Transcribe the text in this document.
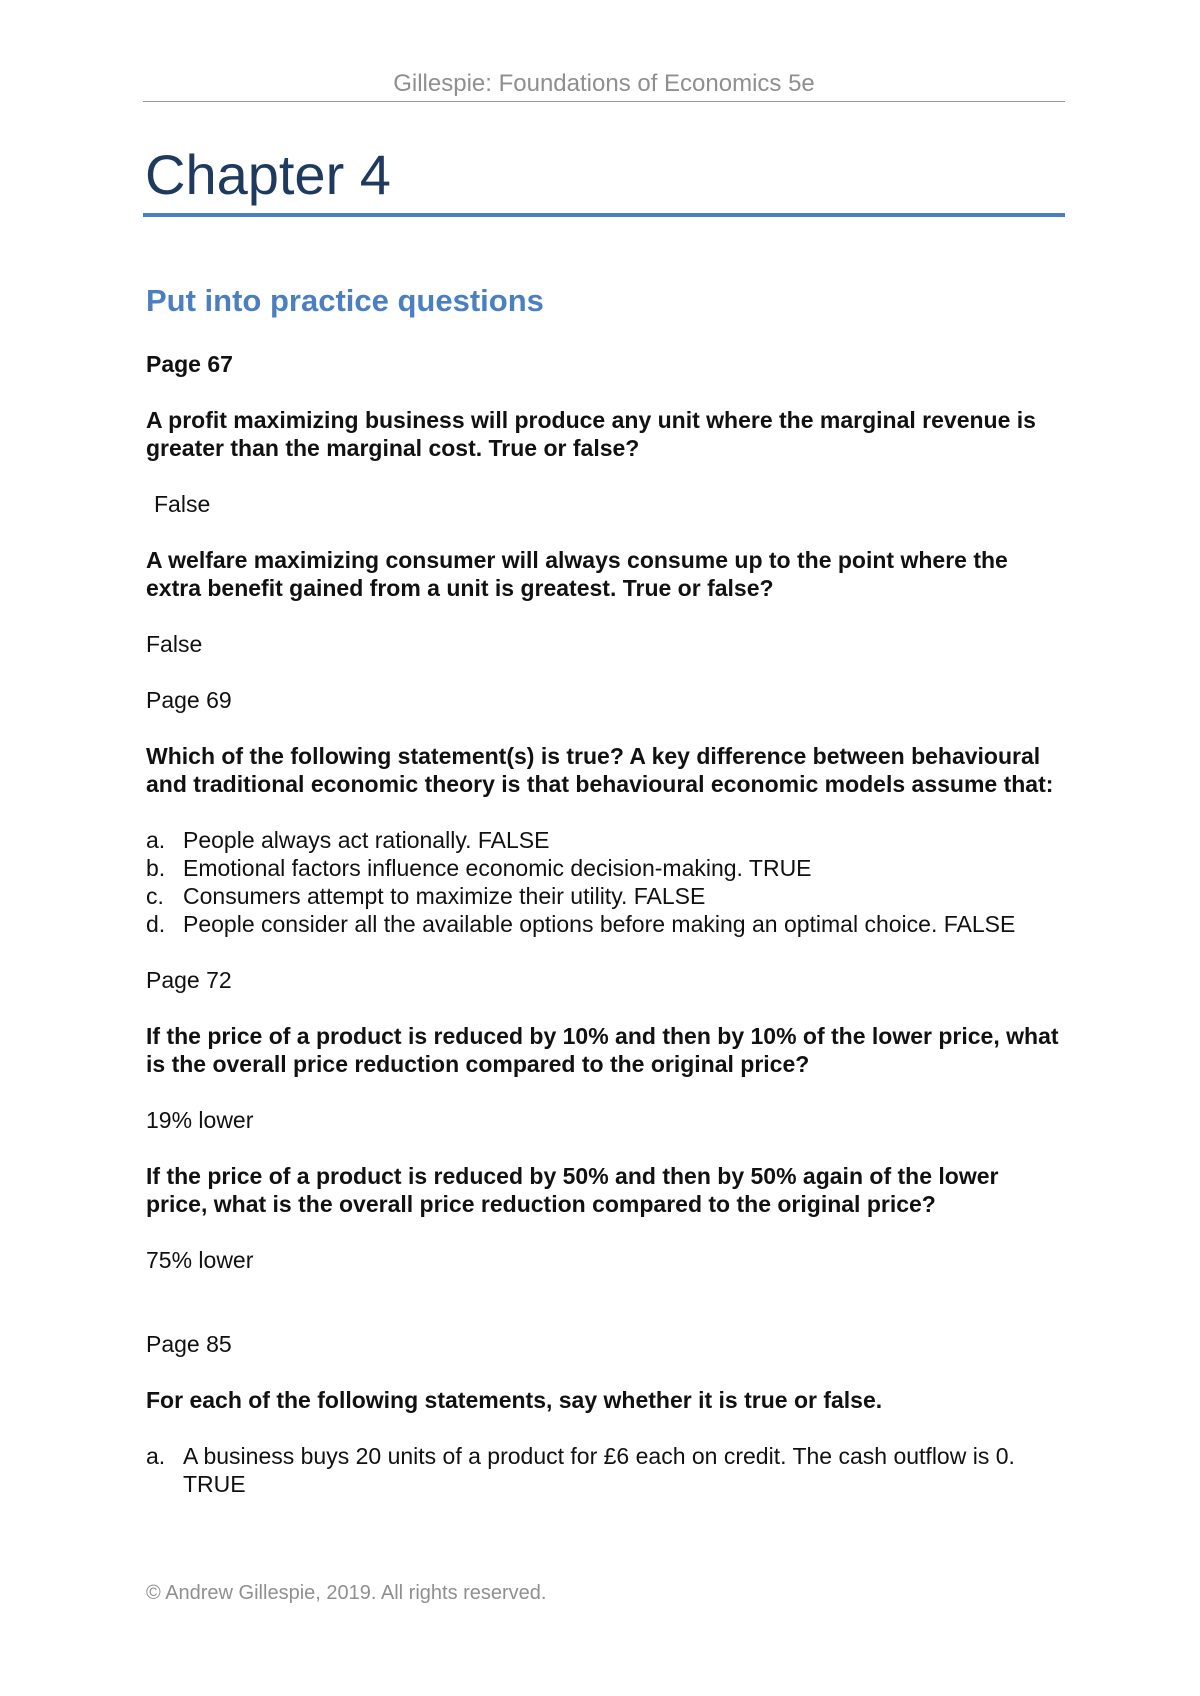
Gillespie: Foundations of Economics 5e
Chapter 4
Put into practice questions

Page 67

A profit maximizing business will produce any unit where the marginal revenue is greater than the marginal cost. True or false?

False

A welfare maximizing consumer will always consume up to the point where the extra benefit gained from a unit is greatest. True or false?

False

Page 69

Which of the following statement(s) is true? A key difference between behavioural and traditional economic theory is that behavioural economic models assume that:

a. People always act rationally. FALSE
b. Emotional factors influence economic decision-making. TRUE
c. Consumers attempt to maximize their utility. FALSE
d. People consider all the available options before making an optimal choice. FALSE

Page 72

If the price of a product is reduced by 10% and then by 10% of the lower price, what is the overall price reduction compared to the original price?

19% lower

If the price of a product is reduced by 50% and then by 50% again of the lower price, what is the overall price reduction compared to the original price?

75% lower

Page 85

For each of the following statements, say whether it is true or false.

a. A business buys 20 units of a product for £6 each on credit. The cash outflow is 0. TRUE
© Andrew Gillespie, 2019. All rights reserved.
